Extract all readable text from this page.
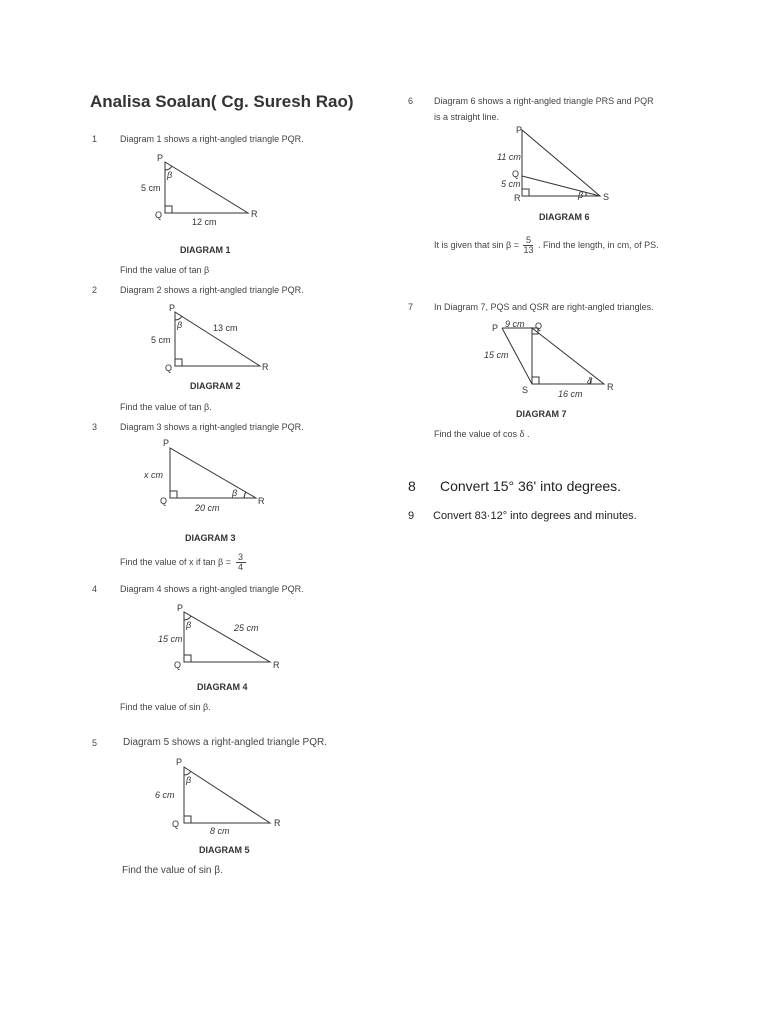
Analisa Soalan( Cg. Suresh Rao)
1	Diagram 1 shows a right-angled triangle PQR.
P
Q	R
5 cm
12 cm
β
DIAGRAM 1
Find the value of tan β
2	Diagram 2 shows a right-angled triangle PQR.
P
Q	R
5 cm
13 cm
β
DIAGRAM 2
Find the value of tan β.
3	Diagram 3 shows a right-angled triangle PQR.
P
Q	R
x cm
20 cm
β
DIAGRAM 3
Find the value of x if $\tan \beta = \frac{3}{4}$
4	Diagram 4 shows a right-angled triangle PQR.
P
Q	R
15 cm
25 cm
β
DIAGRAM 4
Find the value of sin β.
5	Diagram 5 shows a right-angled triangle PQR.
P
Q	R
6 cm
8 cm
β
DIAGRAM 5
Find the value of sin β.
6 Diagram 6 shows a right-angled triangle PRS and PQR
is a straight line.
P
Q
R	S
11 cm
5 cm
β
DIAGRAM 6
It is given that $\sin \beta = \frac{5}{13}$ . Find the length, in cm, of PS.
7 In Diagram 7, PQS and QSR are right-angled triangles.
P	Q
S	R
9 cm
15 cm
16 cm
δ
DIAGRAM 7
Find the value of cos δ .
8 Convert 15° 36' into degrees.
9 Convert 83·12° into degrees and minutes.
